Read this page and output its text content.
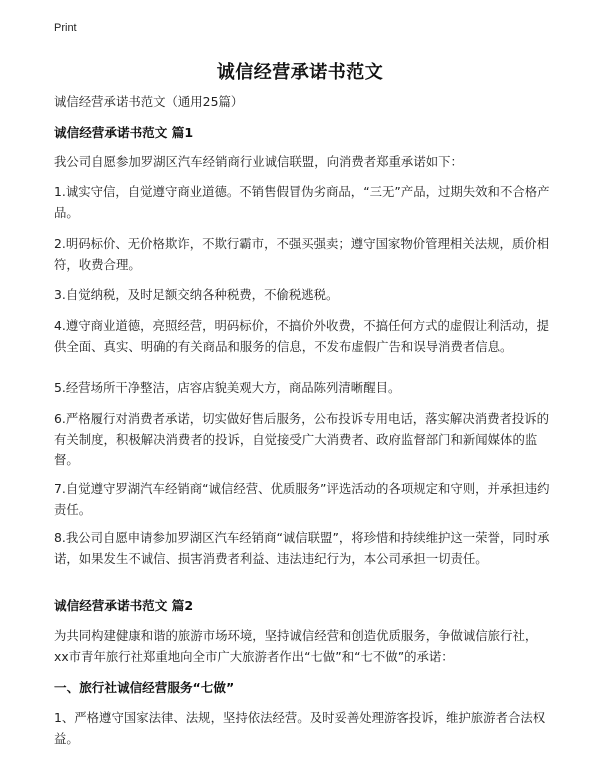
Print
诚信经营承诺书范文
诚信经营承诺书范文（通用25篇）
诚信经营承诺书范文 篇1
我公司自愿参加罗湖区汽车经销商行业诚信联盟，向消费者郑重承诺如下：
1.诚实守信，自觉遵守商业道德。不销售假冒伪劣商品，“三无”产品，过期失效和不合格产品。
2.明码标价、无价格欺诈，不欺行霸市，不强买强卖；遵守国家物价管理相关法规，质价相符，收费合理。
3.自觉纳税，及时足额交纳各种税费，不偷税逃税。
4.遵守商业道德，亮照经营，明码标价，不搞价外收费，不搞任何方式的虚假让利活动，提供全面、真实、明确的有关商品和服务的信息，不发布虚假广告和误导消费者信息。
5.经营场所干净整洁，店容店貌美观大方，商品陈列清晰醒目。
6.严格履行对消费者承诺，切实做好售后服务，公布投诉专用电话，落实解决消费者投诉的有关制度，积极解决消费者的投诉，自觉接受广大消费者、政府监督部门和新闻媒体的监督。
7.自觉遵守罗湖汽车经销商“诚信经营、优质服务”评选活动的各项规定和守则，并承担违约责任。
8.我公司自愿申请参加罗湖区汽车经销商“诚信联盟”，将珍惜和持续维护这一荣誉，同时承诺，如果发生不诚信、损害消费者利益、违法违纪行为，本公司承担一切责任。
诚信经营承诺书范文 篇2
为共同构建健康和谐的旅游市场环境，坚持诚信经营和创造优质服务，争做诚信旅行社，xx市青年旅行社郑重地向全市广大旅游者作出“七做”和“七不做”的承诺：
一、旅行社诚信经营服务“七做”
1、严格遵守国家法律、法规，坚持依法经营。及时妥善处理游客投诉，维护旅游者合法权益。
